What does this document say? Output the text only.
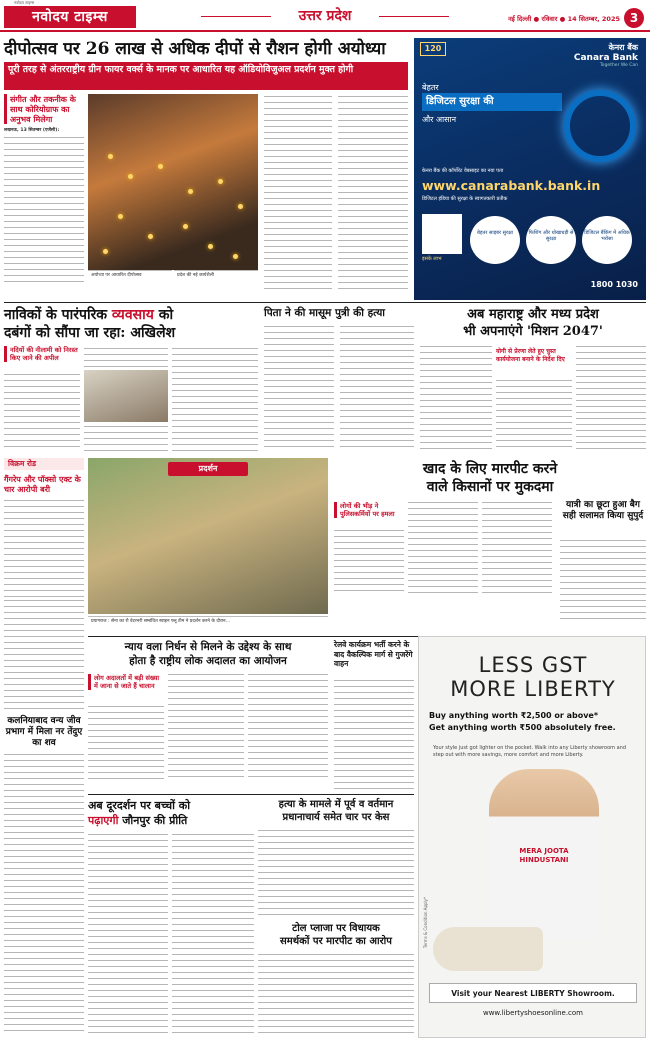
नवोदय टाइम्स
नवोदय टाइम्स	उत्तर प्रदेश	नई दिल्ली ● रविवार ● 14 सितम्बर, 2025 3
दीपोत्सव पर 26 लाख से अधिक दीपों से रौशन होगी अयोध्या
पूरी तरह से अंतरराष्ट्रीय ग्रीन फायर वर्क्स के मानक पर आधारित यह ऑडियोविजुअल प्रदर्शन मुक्त होगी
संगीत और तकनीक के साथ कोरियोग्राफ का अनुभव मिलेगा
लखनऊ, 13 सितम्बर (एजेंसी):
अयोध्या पर आधारित दीपोत्सव	प्रदेश की नई कार्यशैली
120	केनरा बैंक
Canara Bank
Together We Can
बेहतर
डिजिटल सुरक्षा की
और आसान
केनरा बैंक की कॉर्पोरेट वेबसाइट का नया पता
www.canarabank.bank.in
डिजिटल इंडिया की सुरक्षा के स्वागतकारी प्रतीक
इसके लाभ
बेहतर साइबर सुरक्षा	फिशिंग और धोखाधड़ी से सुरक्षा
डिजिटल बैंकिंग में अधिक भरोसा
1800 1030
नाविकों के पारंपरिक व्यवसाय को
दबंगों को सौंपा जा रहा: अखिलेश
नदियों की नीलामी को निरस्त किए जाने की अपील
पिता ने की मासूम पुत्री की हत्या	अब महाराष्ट्र और मध्य प्रदेश
भी अपनाएंगे 'मिशन 2047'
योगी से प्रेरणा लेते हुए चुस्त कार्ययोजना बनाने के निर्देश दिए
विक्रम रोड
गैंगरेप और पॉक्सो एक्ट के चार आरोपी बरी
प्रदर्शन
प्रयागराज : सेना का रौ वेटरनरी सम्बंधित स्वाइन फ्लू टीम ने प्रदर्शन करने के दौरान...
खाद के लिए मारपीट करने
वाले किसानों पर मुकदमा
लोगों की भीड़ ने पुलिसकर्मियों पर हमला
यात्री का छूटा हुआ बैग सही सलामत किया सुपुर्द
न्याय वला निर्धन से मिलने के उद्देश्य के साथ
होता है राष्ट्रीय लोक अदालत का आयोजन
लोग अदालतों में बड़ी संख्या में जाना से जाते हैं चालान
रेलवे कार्यक्रम भर्ती करने के बाद वैकल्पिक मार्ग से गुजरेंगे वाहन
कलनियाबाद वन्य जीव प्रभाग में मिला नर तेंदुए का शव
अब दूरदर्शन पर बच्चों को
पढ़ाएगी जौनपुर की प्रीति
हत्या के मामले में पूर्व व वर्तमान
प्रधानाचार्य समेत चार पर केस
टोल प्लाजा पर विधायक
समर्थकों पर मारपीट का आरोप
LESS GST
MORE LIBERTY
Buy anything worth ₹2,500 or above*
Get anything worth ₹500 absolutely free.
Your style just got lighter on the pocket. Walk into any Liberty showroom and step out with more savings, more comfort and more Liberty.
MERA JOOTA HINDUSTANI
Terms & Condition Apply*
Visit your Nearest LIBERTY Showroom.
www.libertyshoesonline.com
